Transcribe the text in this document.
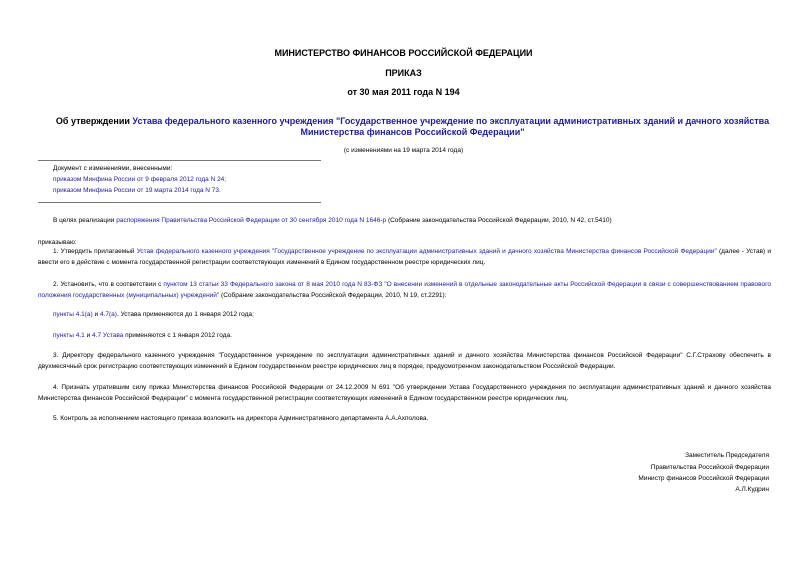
МИНИСТЕРСТВО ФИНАНСОВ РОССИЙСКОЙ ФЕДЕРАЦИИ
ПРИКАЗ
от 30 мая 2011 года N 194
Об утверждении Устава федерального казенного учреждения "Государственное учреждение по эксплуатации административных зданий и дачного хозяйства Министерства финансов Российской Федерации"
(с изменениями на 19 марта 2014 года)
Документ с изменениями, внесенными:
приказом Минфина России от 9 февраля 2012 года N 24;
приказом Минфина России от 19 марта 2014 года N 73.
В целях реализации распоряжения Правительства Российской Федерации от 30 сентября 2010 года N 1646-р (Собрание законодательства Российской Федерации, 2010, N 42, ст.5410)
приказываю:
1. Утвердить прилагаемый Устав федерального казенного учреждения "Государственное учреждение по эксплуатации административных зданий и дачного хозяйства Министерства финансов Российской Федерации" (далее - Устав) и ввести его в действие с момента государственной регистрации соответствующих изменений в Едином государственном реестре юридических лиц.
2. Установить, что в соответствии с пунктом 13 статьи 33 Федерального закона от 8 мая 2010 года N 83-ФЗ "О внесении изменений в отдельные законодательные акты Российской Федерации в связи с совершенствованием правового положения государственных (муниципальных) учреждений" (Собрание законодательства Российской Федерации, 2010, N 19, ст.2291):
пункты 4.1(а) и 4.7(а). Устава применяются до 1 января 2012 года;
пункты 4.1 и 4.7 Устава применяются с 1 января 2012 года.
3. Директору федерального казенного учреждения "Государственное учреждение по эксплуатации административных зданий и дачного хозяйства Министерства финансов Российской Федерации" С.Г.Страхову обеспечить в двухмесячный срок регистрацию соответствующих изменений в Едином государственном реестре юридических лиц в порядке, предусмотренном законодательством Российской Федерации.
4. Признать утратившим силу приказ Министерства финансов Российской Федерации от 24.12.2009 N 691 "Об утверждении Устава Государственного учреждения по эксплуатации административных зданий и дачного хозяйства Министерства финансов Российской Федерации" с момента государственной регистрации соответствующих изменений в Едином государственном реестре юридических лиц.
5. Контроль за исполнением настоящего приказа возложить на директора Административного департамента А.А.Ахполова.
Заместитель Председателя
Правительства Российской Федерации
Министр финансов Российской Федерации
А.Л.Кудрин
